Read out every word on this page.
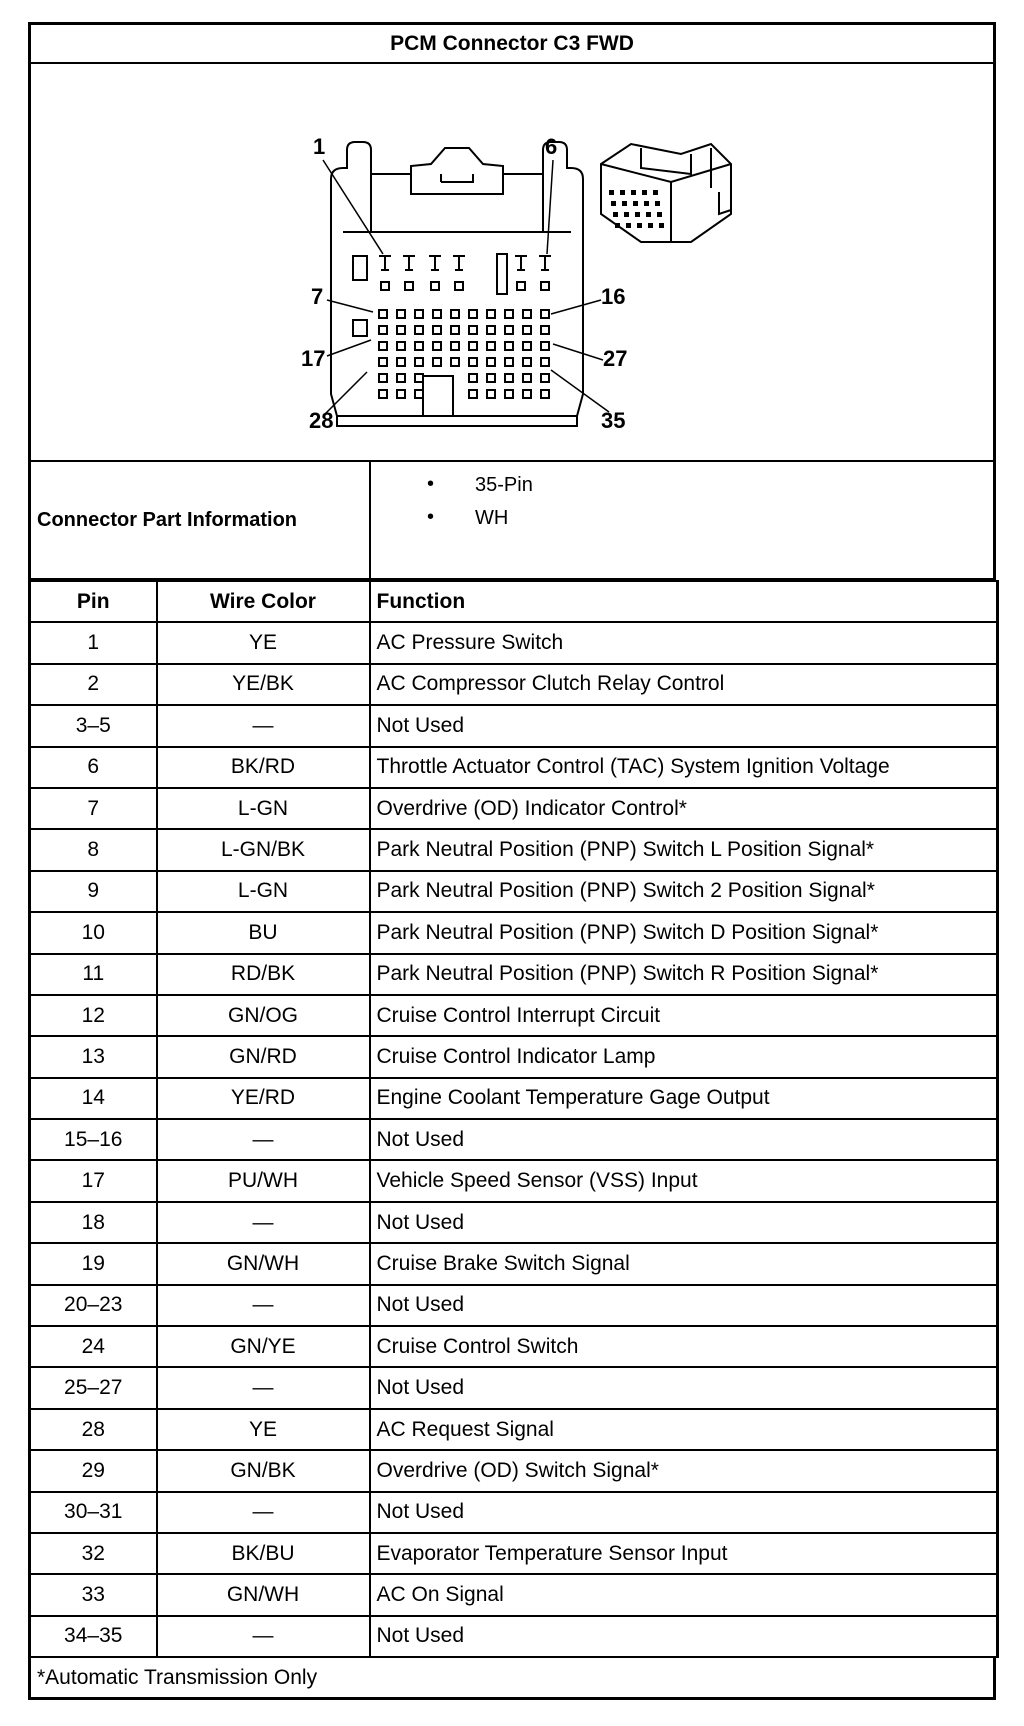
PCM Connector C3 FWD
1	6
7	16
17	27
28	35
Connector Part Information
• 35-Pin
• WH
Pin	Wire Color	Function
1	YE	AC Pressure Switch
2	YE/BK	AC Compressor Clutch Relay Control
3–5	—	Not Used
6	BK/RD	Throttle Actuator Control (TAC) System Ignition Voltage
7	L-GN	Overdrive (OD) Indicator Control*
8	L-GN/BK	Park Neutral Position (PNP) Switch L Position Signal*
9	L-GN	Park Neutral Position (PNP) Switch 2 Position Signal*
10	BU	Park Neutral Position (PNP) Switch D Position Signal*
11	RD/BK	Park Neutral Position (PNP) Switch R Position Signal*
12	GN/OG	Cruise Control Interrupt Circuit
13	GN/RD	Cruise Control Indicator Lamp
14	YE/RD	Engine Coolant Temperature Gage Output
15–16	—	Not Used
17	PU/WH	Vehicle Speed Sensor (VSS) Input
18	—	Not Used
19	GN/WH	Cruise Brake Switch Signal
20–23	—	Not Used
24	GN/YE	Cruise Control Switch
25–27	—	Not Used
28	YE	AC Request Signal
29	GN/BK	Overdrive (OD) Switch Signal*
30–31	—	Not Used
32	BK/BU	Evaporator Temperature Sensor Input
33	GN/WH	AC On Signal
34–35	—	Not Used
*Automatic Transmission Only
